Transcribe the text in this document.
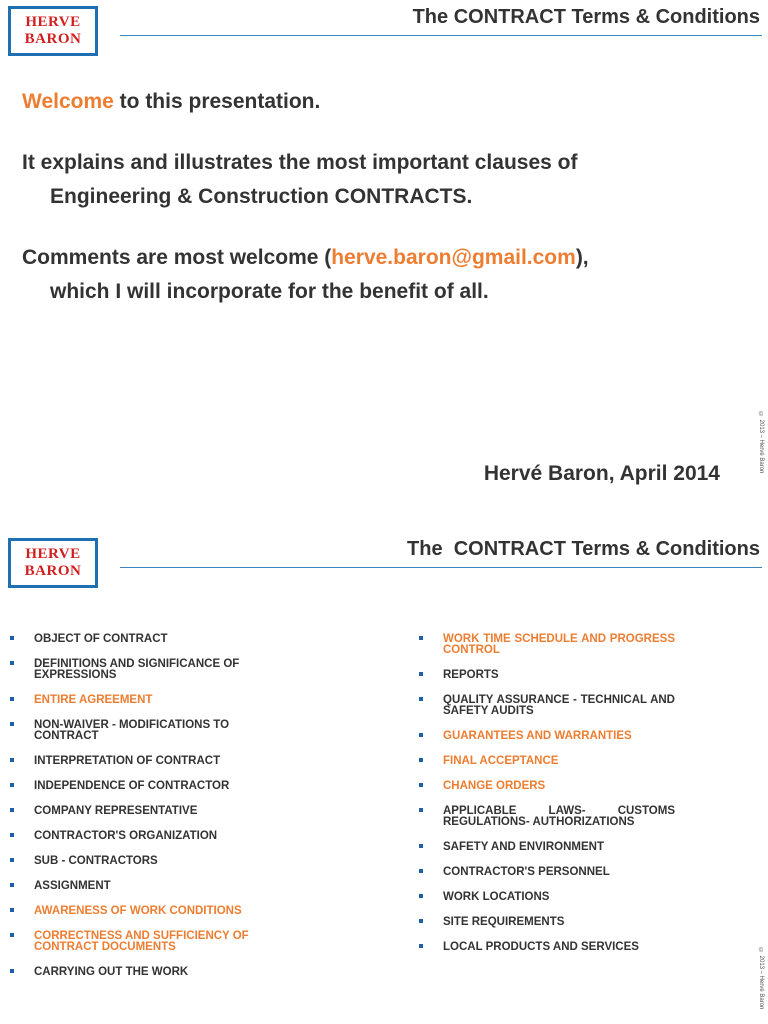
HERVE
BARON
The CONTRACT Terms & Conditions
Welcome to this presentation.
It explains and illustrates the most important clauses of
Engineering & Construction CONTRACTS.
Comments are most welcome (herve.baron@gmail.com),
which I will incorporate for the benefit of all.
Hervé Baron, April 2014
© 2013 – Hervé Baron
HERVE
BARON
The  CONTRACT Terms & Conditions
OBJECT OF CONTRACT
DEFINITIONS AND SIGNIFICANCE OF EXPRESSIONS
ENTIRE AGREEMENT
NON-WAIVER - MODIFICATIONS TO CONTRACT
INTERPRETATION OF CONTRACT
INDEPENDENCE OF CONTRACTOR
COMPANY REPRESENTATIVE
CONTRACTOR'S ORGANIZATION
SUB - CONTRACTORS
ASSIGNMENT
AWARENESS OF WORK CONDITIONS
CORRECTNESS AND SUFFICIENCY OF CONTRACT DOCUMENTS
CARRYING OUT THE WORK
WORK TIME SCHEDULE AND PROGRESS CONTROL
REPORTS
QUALITY ASSURANCE - TECHNICAL AND SAFETY AUDITS
GUARANTEES AND WARRANTIES
FINAL ACCEPTANCE
CHANGE ORDERS
APPLICABLE LAWS- CUSTOMS REGULATIONS- AUTHORIZATIONS
SAFETY AND ENVIRONMENT
CONTRACTOR'S PERSONNEL
WORK LOCATIONS
SITE REQUIREMENTS
LOCAL PRODUCTS AND SERVICES
© 2013 – Hervé Baron
